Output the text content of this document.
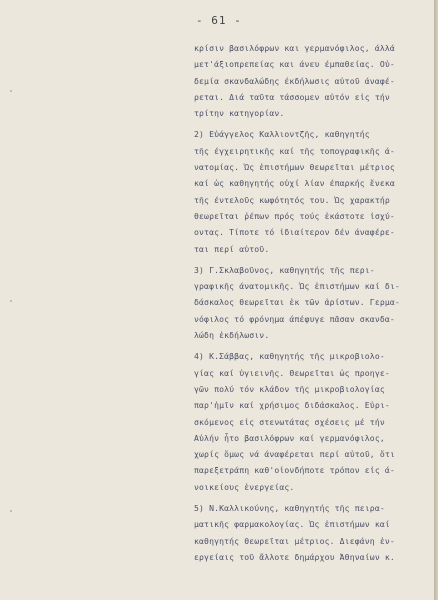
- 61 -
κρίσιν βασιλόφρων και γερμανόφιλος, άλλά
μετ'άξιοπρεπείας και άνευ έμπαθείας. Οὐ-
δεμία σκανδαλώδης έκδήλωσις αὐτοῦ άναφέ-
ρεται. Διά ταῦτα τάσσομεν αὐτόν εἰς τήν
τρίτην κατηγορίαν.
2) Εὐάγγελος Καλλιοντζῆς, καθηγητής
τῆς έγχειρητικῆς καί τῆς τοπογραφικῆς ά-
νατομίας. Ὡς ἐπιστήμων θεωρεῖται μέτριος
καί ὡς καθηγητής οὐχί λίαν έπαρκής ἕνεκα
τῆς έντελοῦς κωφότητός του. Ὡς χαρακτήρ
θεωρεῖται ῥέπων πρός τούς ἑκάστοτε ἰσχύ-
οντας. Τίποτε τό ἰδιαίτερον δέν άναφέρε-
ται περί αὐτοῦ.
3) Γ.Σκλαβοῦνος, καθηγητής τῆς περι-
γραφικῆς άνατομικῆς. Ὡς ἐπιστήμων καί δι-
δάσκαλος θεωρεῖται ἐκ τῶν ἀρίστων. Γερμα-
νόφιλος τό φρόνημα άπέφυγε πᾶσαν σκανδα-
λώδη ἐκδήλωσιν.
4) Κ.Σάββας, καθηγητής τῆς μικροβιολο-
γίας καί ὑγιεινῆς. Θεωρεῖται ὡς προηγε-
γῶν πολύ τόν κλάδον τῆς μικροβιολογίας
παρ'ἡμῖν καί χρήσιμος διδάσκαλος. Εὑρι-
σκόμενος εἰς στενωτάτας σχέσεις μέ τήν
Αὐλήν ἦτο βασιλόφρων καί γερμανόφιλος,
χωρίς ὅμως νά άναφέρεται περί αὐτοῦ, ὅτι
παρεξετράπη καθ'οἱονδήποτε τρόπον εἰς ά-
νοικείους ἐνεργείας.
5) Ν.Καλλικούνης, καθηγητής τῆς πειρα-
ματικῆς φαρμακολογίας. Ὡς ἐπιστήμων καί
καθηγητής θεωρεῖται μέτριος. Διεφάνη ἐν-
εργείαις τοῦ ἄλλοτε δημάρχου Ἀθηναίων κ.
